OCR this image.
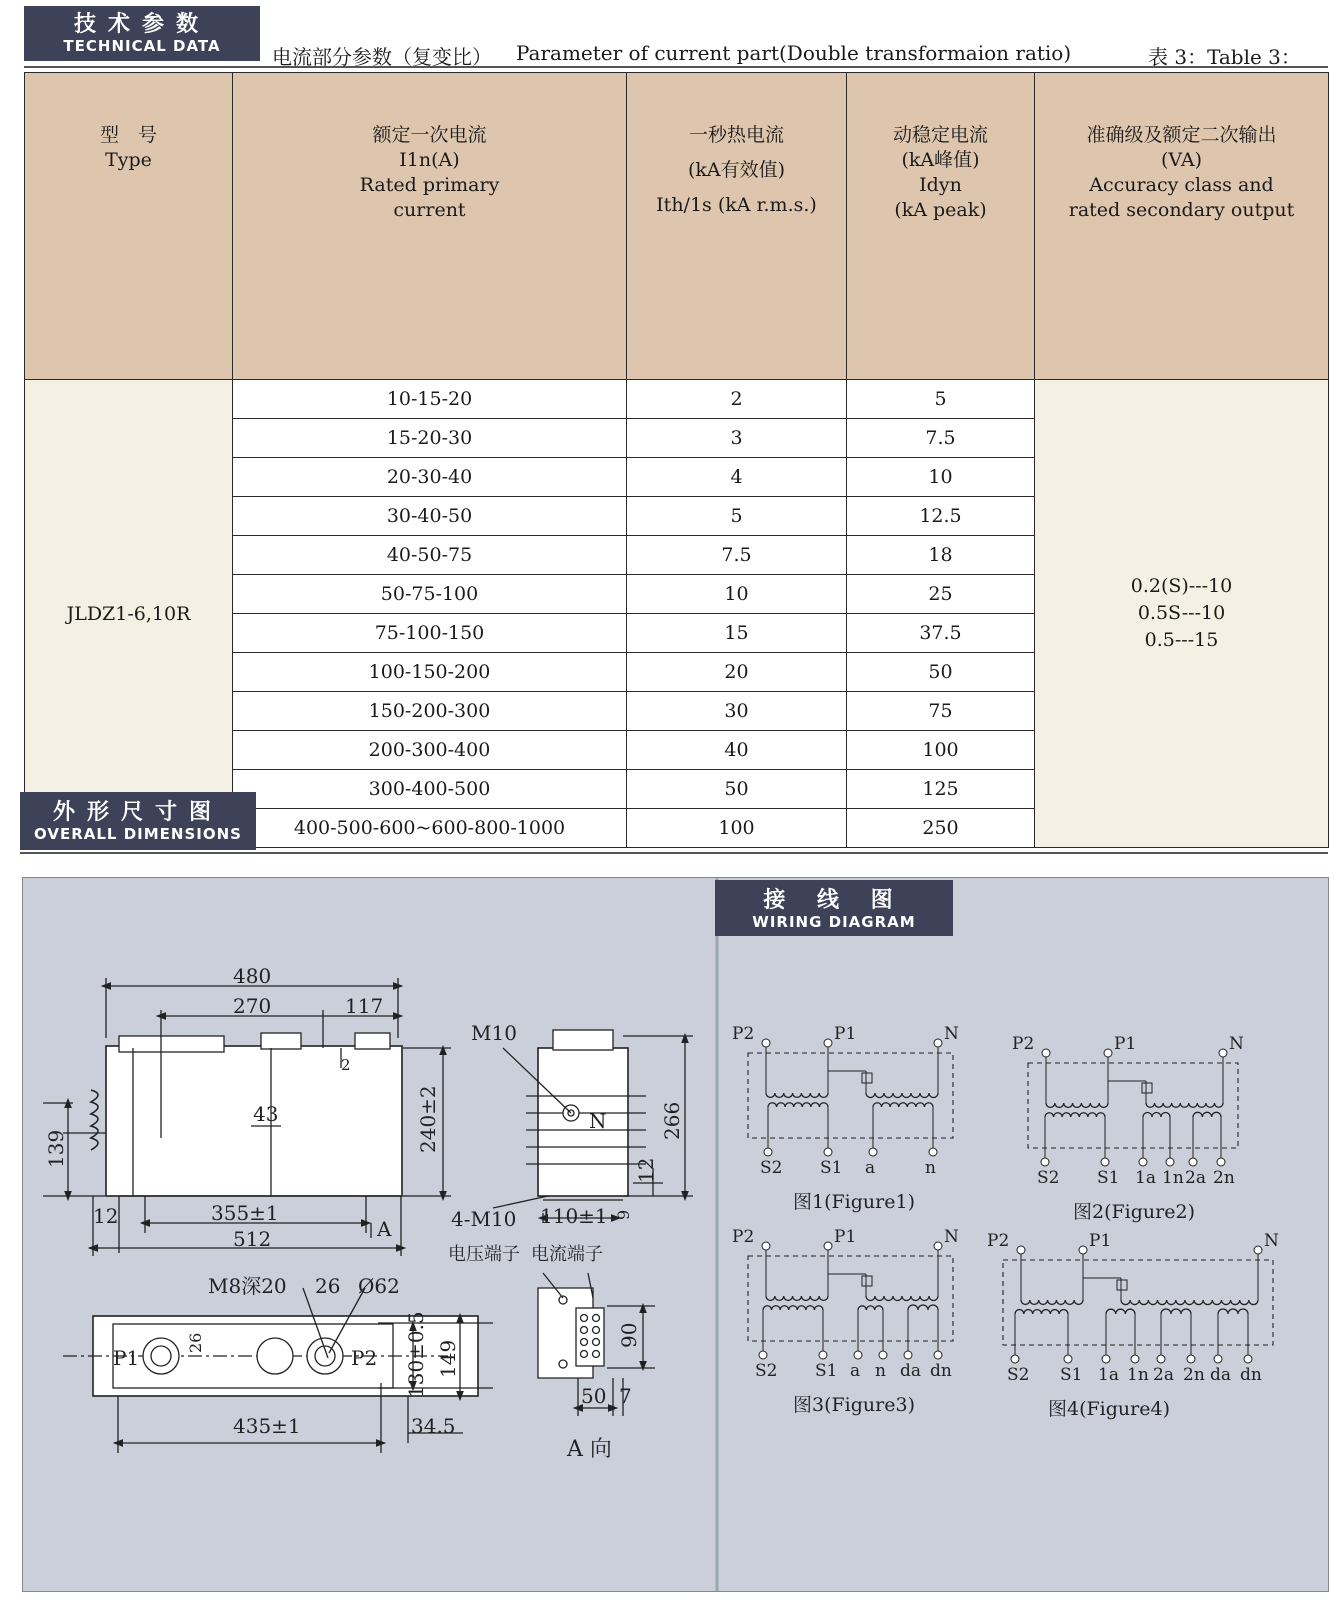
技术参数
TECHNICAL DATA	电流部分参数（复变比） Parameter of current part(Double transformaion ratio)	表 3：Table 3：
型　号
Type	额定一次电流
I1n(A)
Rated primary
current	一秒热电流
(kA有效值)
Ith/1s (kA r.m.s.)	动稳定电流
(kA峰值)
Idyn
(kA peak)	准确级及额定二次输出
(VA)
Accuracy class and
rated secondary output

JLDZ1-6,10R	10-15-20	2	5	0.2(S)---10
0.5S---10
0.5---15

	15-20-30	3	7.5	
	20-30-40	4	10	
	30-40-50	5	12.5	
	40-50-75	7.5	18	
	50-75-100	10	25	
	75-100-150	15	37.5	
	100-150-200	20	50	
	150-200-300	30	75	
	200-300-400	40	100	
	300-400-500	50	125	
	400-500-600~600-800-1000	100	250	
外形尺寸图
OVERALL DIMENSIONS
480
270	117
2
43	240±2
139
12	355±1
512	A
M10
N	266
12
9
4-M10 110±1
M8深20 26 Ø62
26
P1	P2 130±0.5 149
435±1	34.5
电压端子 电流端子
90
50 7
A 向
P2	P1	N
S2 S1 a	n
图1(Figure1)
P2	P1	N
S2 S1 1a 1n 2a 2n
图2(Figure2)
P2	P1	N
S2 S1 a n da dn
图3(Figure3)
P2	P1	N
S2 S1 1a 1n 2a 2n da dn
图4(Figure4)
接 线 图
WIRING DIAGRAM
